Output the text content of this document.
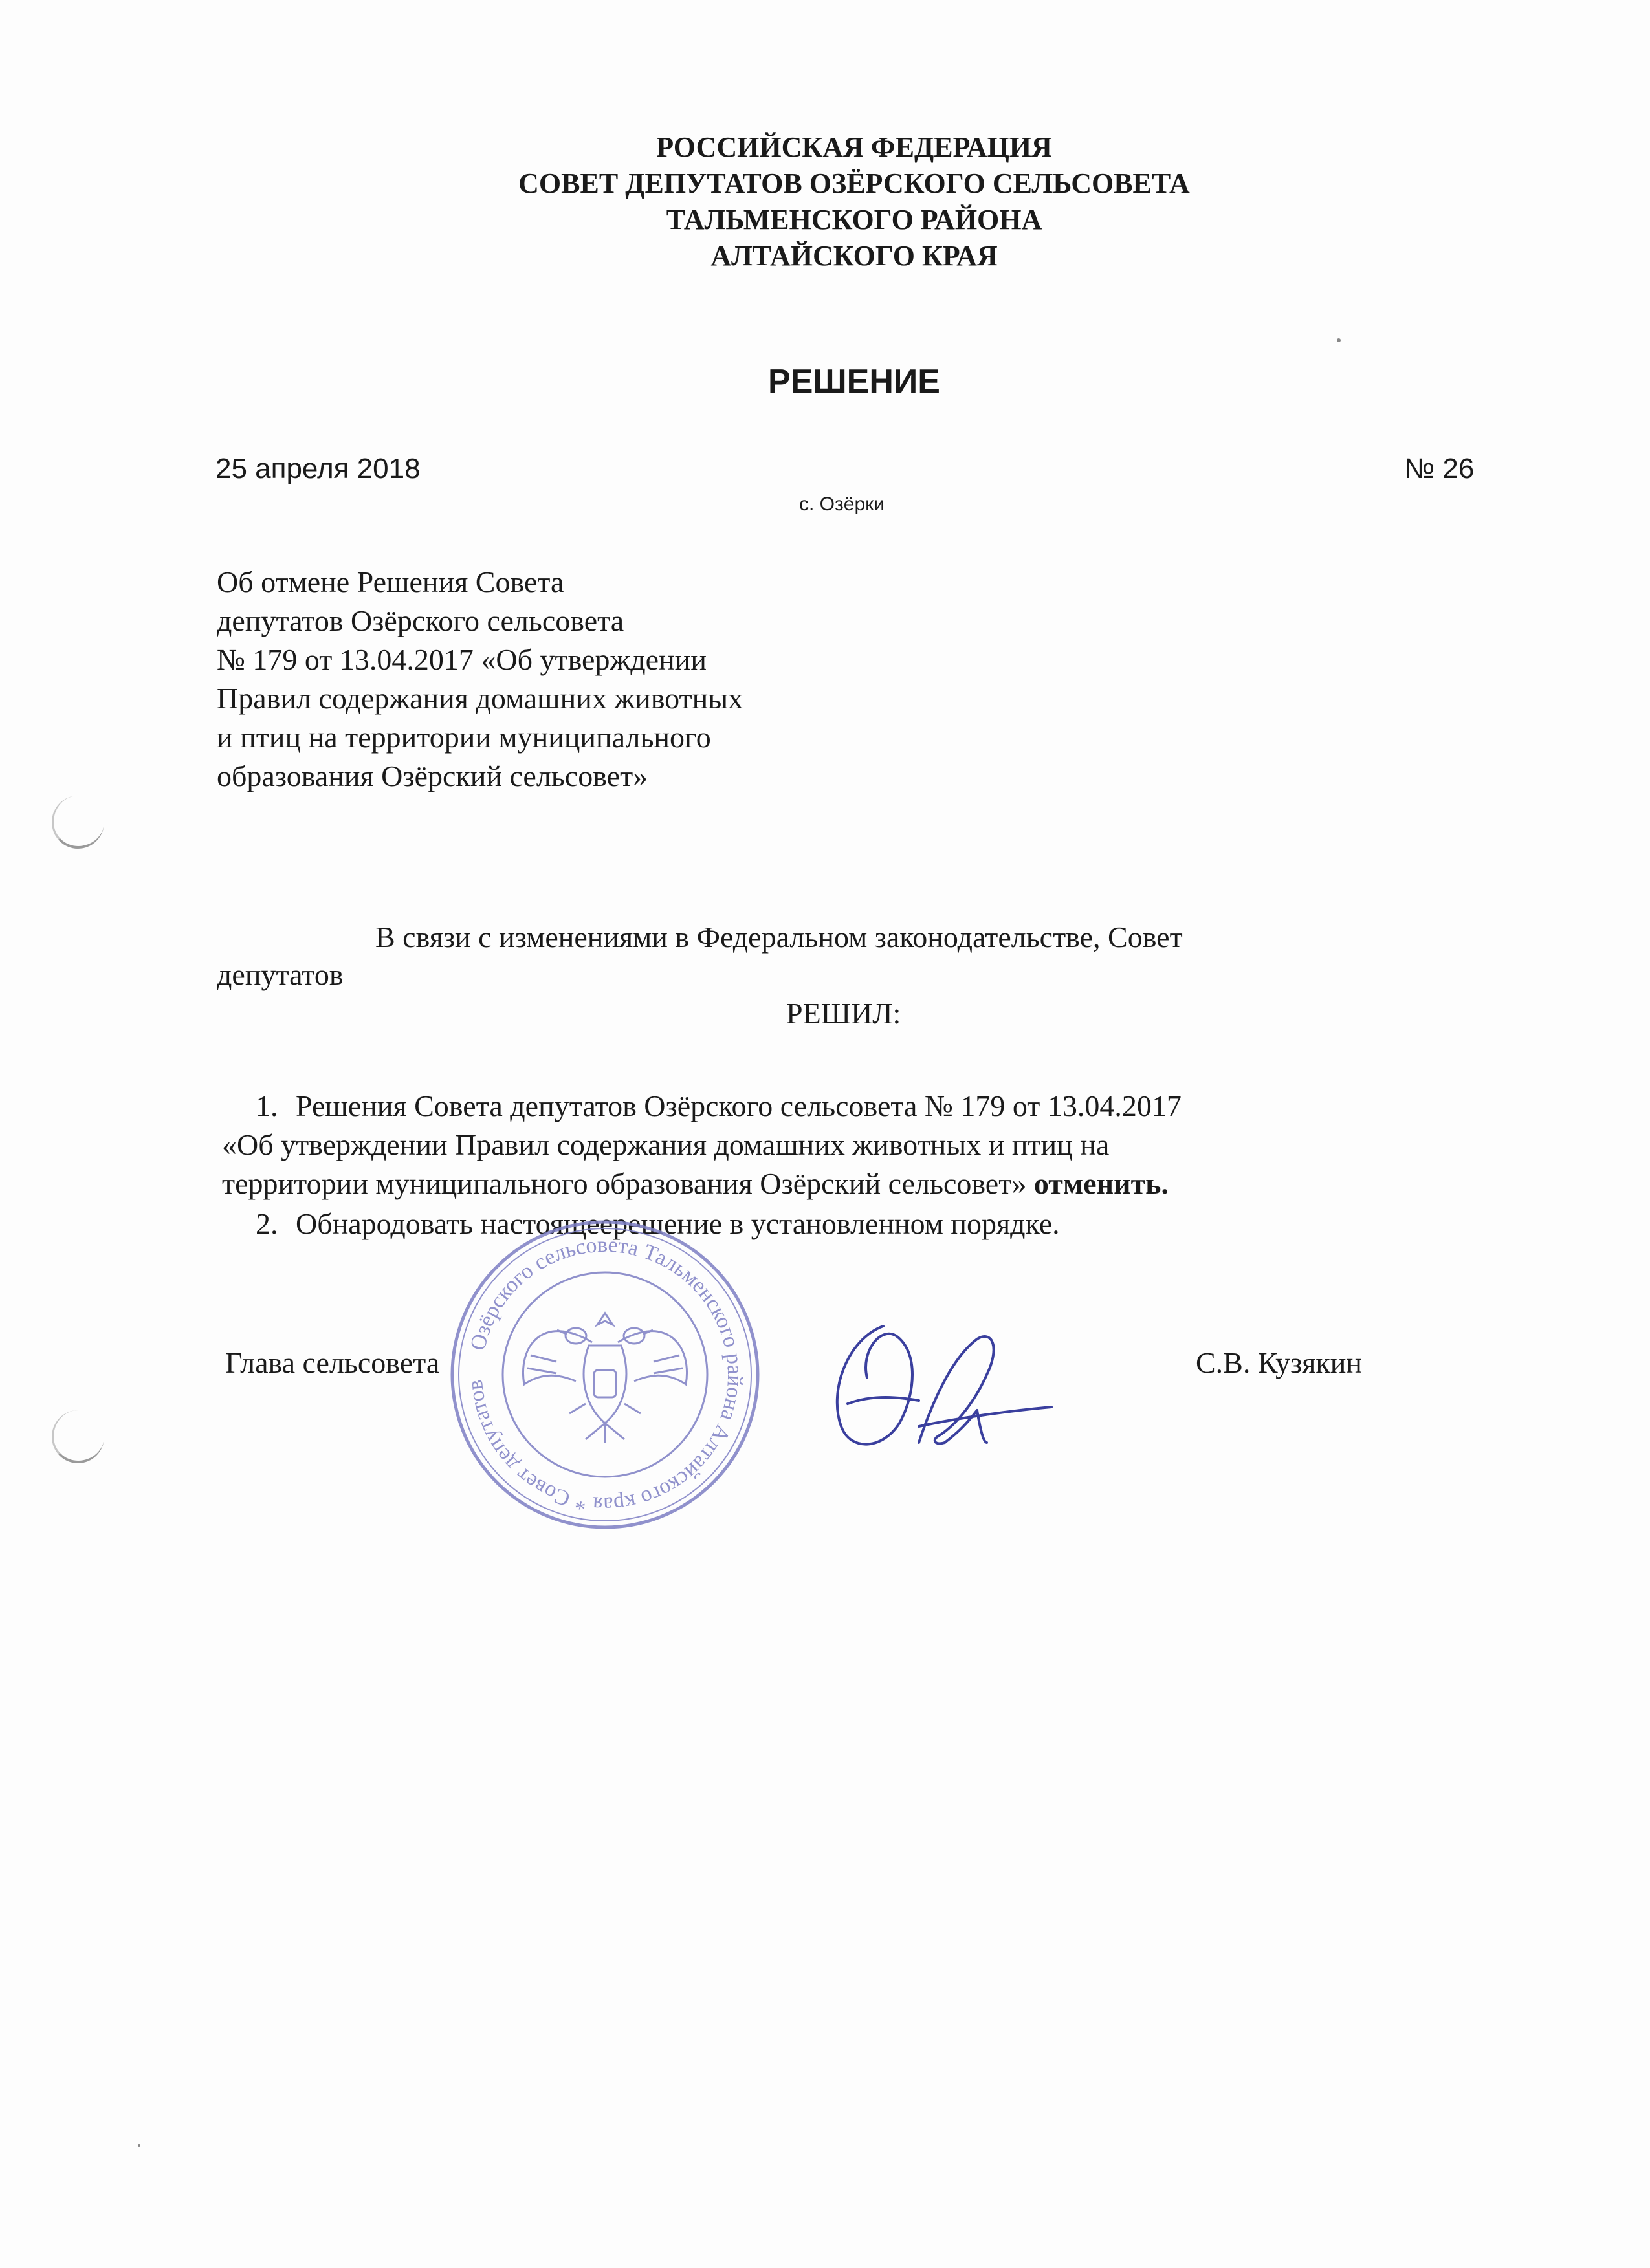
РОССИЙСКАЯ ФЕДЕРАЦИЯ
СОВЕТ ДЕПУТАТОВ ОЗЁРСКОГО СЕЛЬСОВЕТА
ТАЛЬМЕНСКОГО РАЙОНА
АЛТАЙСКОГО КРАЯ
РЕШЕНИЕ
25 апреля 2018	№ 26
с. Озёрки
Об отмене Решения Совета
депутатов Озёрского сельсовета
№ 179 от 13.04.2017 «Об утверждении
Правил содержания домашних животных
и птиц на территории муниципального
образования Озёрский сельсовет»
В связи с изменениями в Федеральном законодательстве, Совет
депутатов
РЕШИЛ:
1. Решения Совета депутатов Озёрского сельсовета № 179 от 13.04.2017
«Об утверждении Правил содержания домашних животных и птиц на
территории муниципального образования Озёрский сельсовет» отменить.
2. Обнародовать настоящеерешение в установленном порядке.
Озёрского сельсовета Тальменского района Алтайского края * Совет депутатов
Глава сельсовета	С.В. Кузякин
